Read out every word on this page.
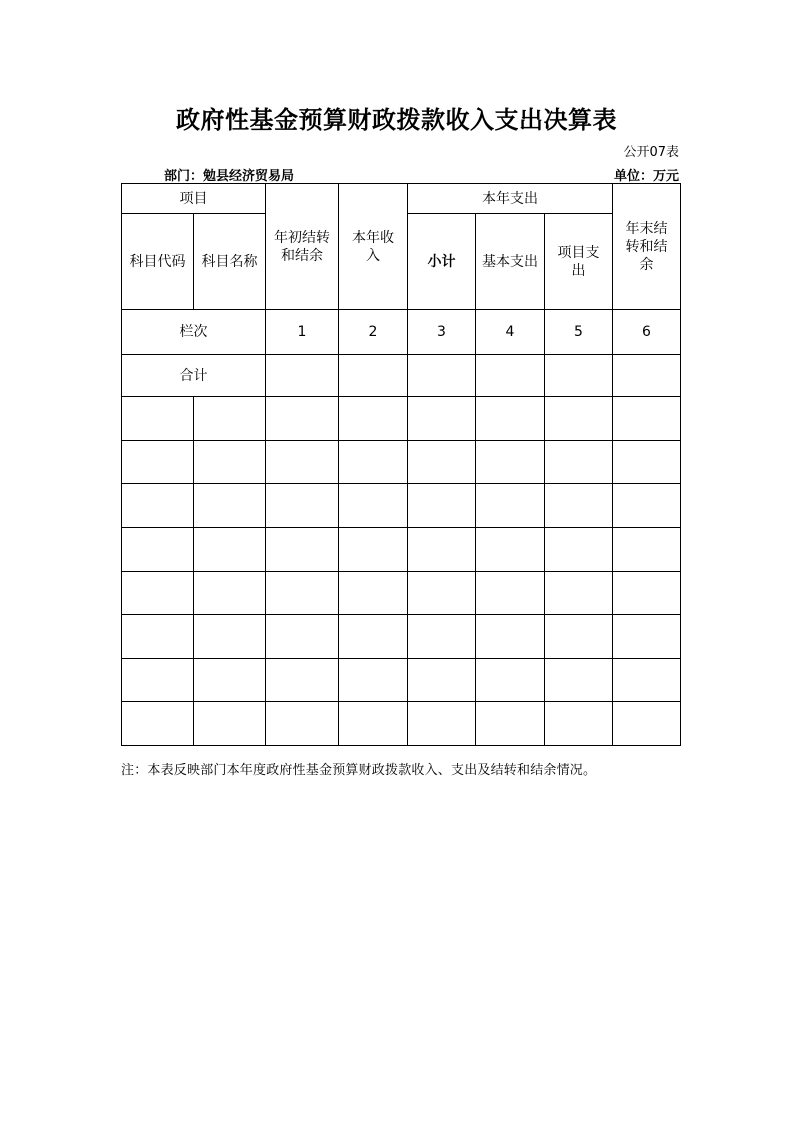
政府性基金预算财政拨款收入支出决算表
公开07表
部门：勉县经济贸易局	单位：万元
项目		年初结转和结余	本年收入	本年支出			年末结转和结余

科目代码	科目名称			小计	基本支出	项目支出	

栏次		1	2	3	4	5	6
合计							

注：本表反映部门本年度政府性基金预算财政拨款收入、支出及结转和结余情况。
